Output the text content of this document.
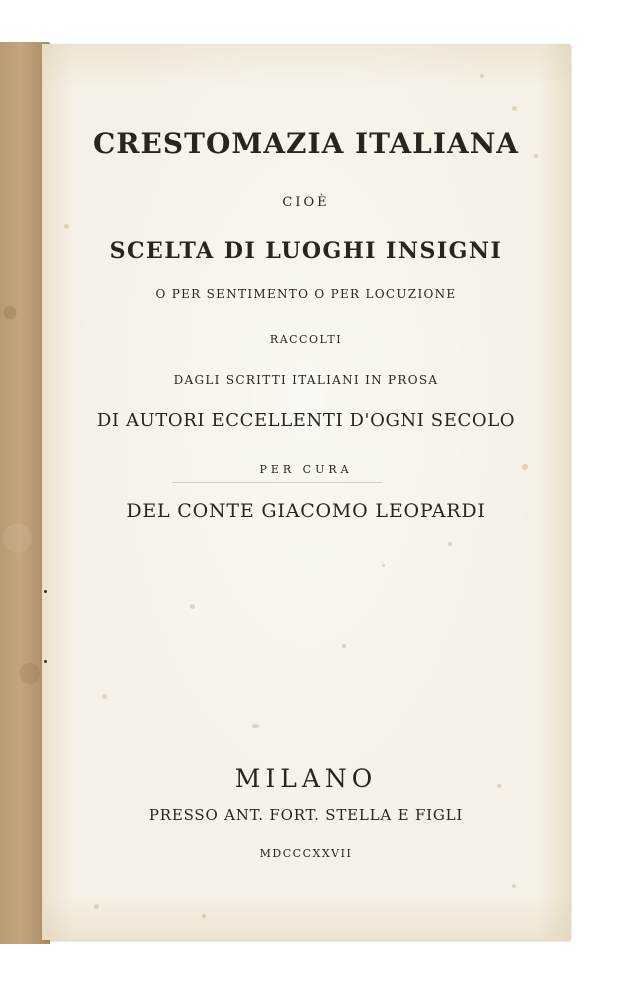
CRESTOMAZIA ITALIANA

CIOÈ

SCELTA DI LUOGHI INSIGNI

O PER SENTIMENTO O PER LOCUZIONE

RACCOLTI

DAGLI SCRITTI ITALIANI IN PROSA

DI AUTORI ECCELLENTI D'OGNI SECOLO

PER CURA

DEL CONTE GIACOMO LEOPARDI

MILANO

PRESSO ANT. FORT. STELLA E FIGLI

MDCCCXXVII
